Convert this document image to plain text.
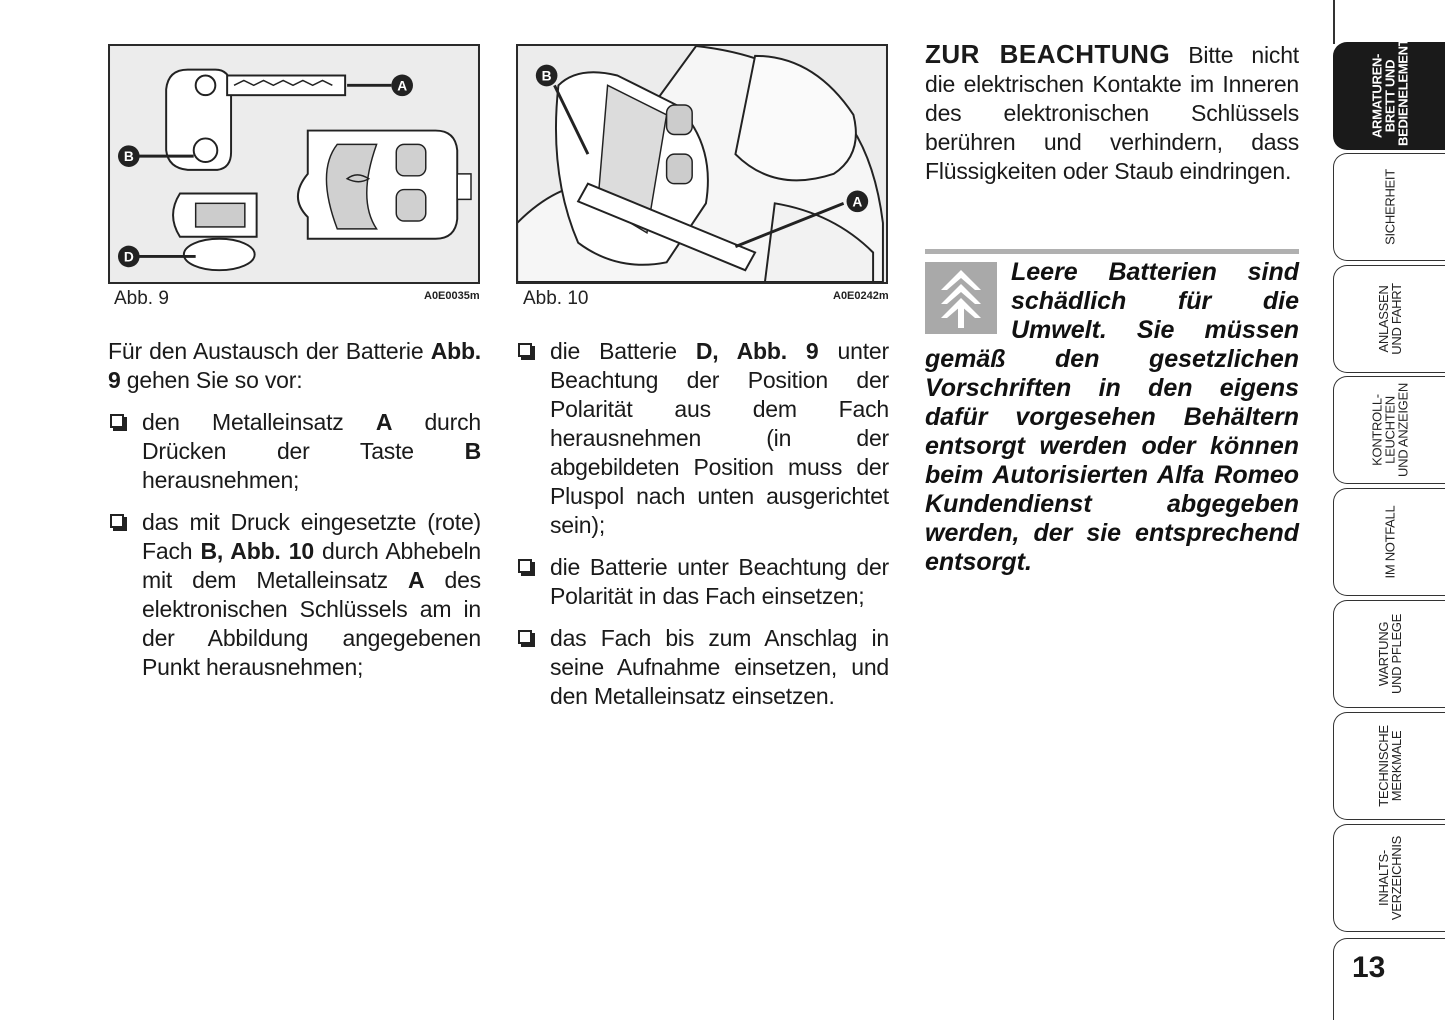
A
B
D
Abb. 9	A0E0035m
A
B
Abb. 10	A0E0242m

Für den Austausch der Batterie Abb. 9 gehen Sie so vor:

den Metalleinsatz A durch Drücken der Taste B herausnehmen;
das mit Druck eingesetzte (rote) Fach B, Abb. 10 durch Abhebeln mit dem Metalleinsatz A des elektronischen Schlüssels am in der Abbildung angegebenen Punkt herausnehmen;
die Batterie D, Abb. 9 unter Beachtung der Position der Polarität aus dem Fach herausnehmen (in der abgebildeten Position muss der Pluspol nach unten ausgerichtet sein);
die Batterie unter Beachtung der Polarität in das Fach einsetzen;
das Fach bis zum Anschlag in seine Aufnahme einsetzen, und den Metalleinsatz einsetzen.

ZUR BEACHTUNG Bitte nicht die elektrischen Kontakte im Inneren des elektronischen Schlüssels berühren und verhindern, dass Flüssigkeiten oder Staub eindringen.

Leere Batterien sind schädlich für die Umwelt. Sie müssen gemäß den gesetzlichen Vorschriften in den eigens dafür vorgesehen Behältern entsorgt werden oder können beim Autorisierten Alfa Romeo Kundendienst abgegeben werden, der sie entsprechend entsorgt.
ARMATUREN-
BRETT UND
BEDIENELEMENTE
SICHERHEIT
ANLASSEN
UND FAHRT
KONTROLL-
LEUCHTEN
UND ANZEIGEN
IM NOTFALL
WARTUNG
UND PFLEGE
TECHNISCHE
MERKMALE
INHALTS-
VERZEICHNIS
13
